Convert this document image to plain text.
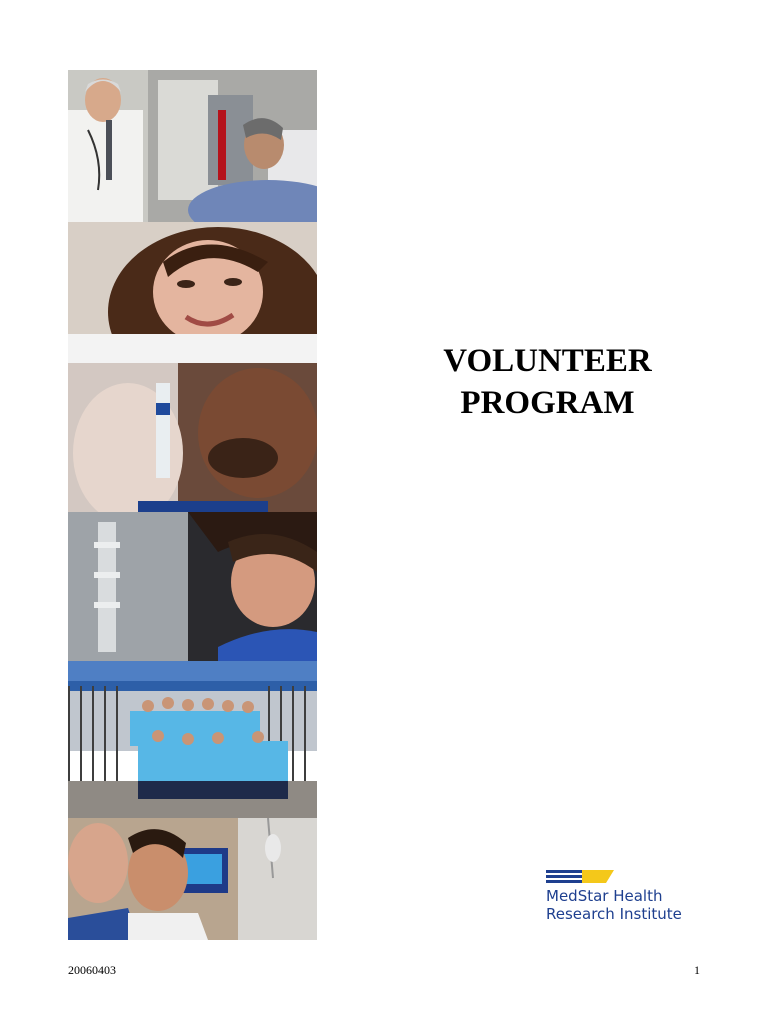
VOLUNTEER
PROGRAM
MedStar Health
Research Institute
20060403	1
